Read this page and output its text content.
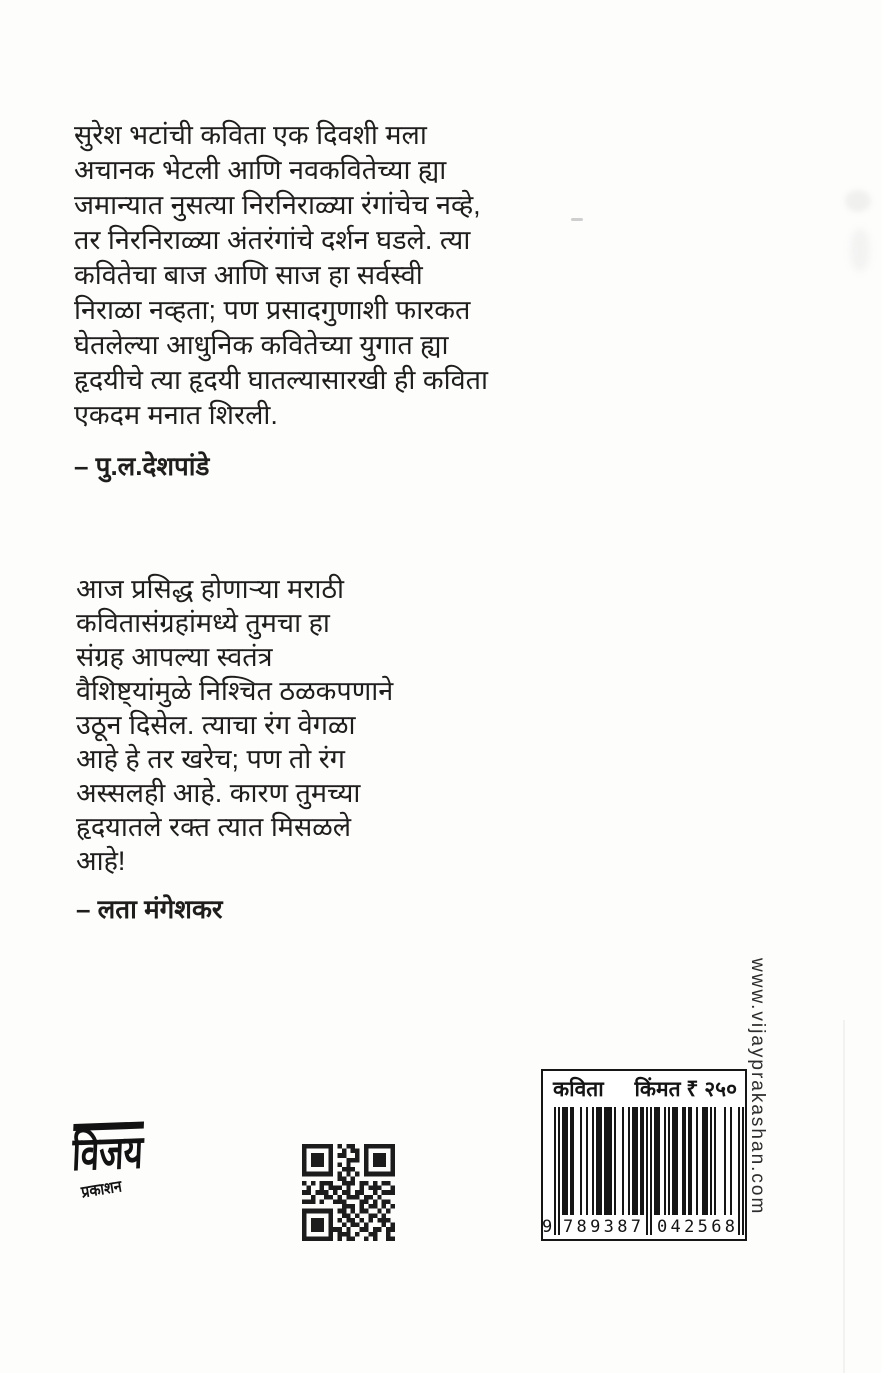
सुरेश भटांची कविता एक दिवशी मला
अचानक भेटली आणि नवकवितेच्या ह्या
जमान्यात नुसत्या निरनिराळ्या रंगांचेच नव्हे,
तर निरनिराळ्या अंतरंगांचे दर्शन घडले. त्या
कवितेचा बाज आणि साज हा सर्वस्वी
निराळा नव्हता; पण प्रसादगुणाशी फारकत
घेतलेल्या आधुनिक कवितेच्या युगात ह्या
हृदयीचे त्या हृदयी घातल्यासारखी ही कविता
एकदम मनात शिरली.
– पु.ल.देशपांडे
आज प्रसिद्ध होणाऱ्या मराठी
कवितासंग्रहांमध्ये तुमचा हा
संग्रह आपल्या स्वतंत्र
वैशिष्ट्यांमुळे निश्चित ठळकपणाने
उठून दिसेल. त्याचा रंग वेगळा
आहे हे तर खरेच; पण तो रंग
अस्सलही आहे. कारण तुमच्या
हृदयातले रक्त त्यात मिसळले
आहे!
– लता मंगेशकर
www.vijayprakashan.com
विजय
प्रकाशन
कविता किंमत ₹ २५०
9 7 8 9 3 8 7 0 4 2 5 6 8
